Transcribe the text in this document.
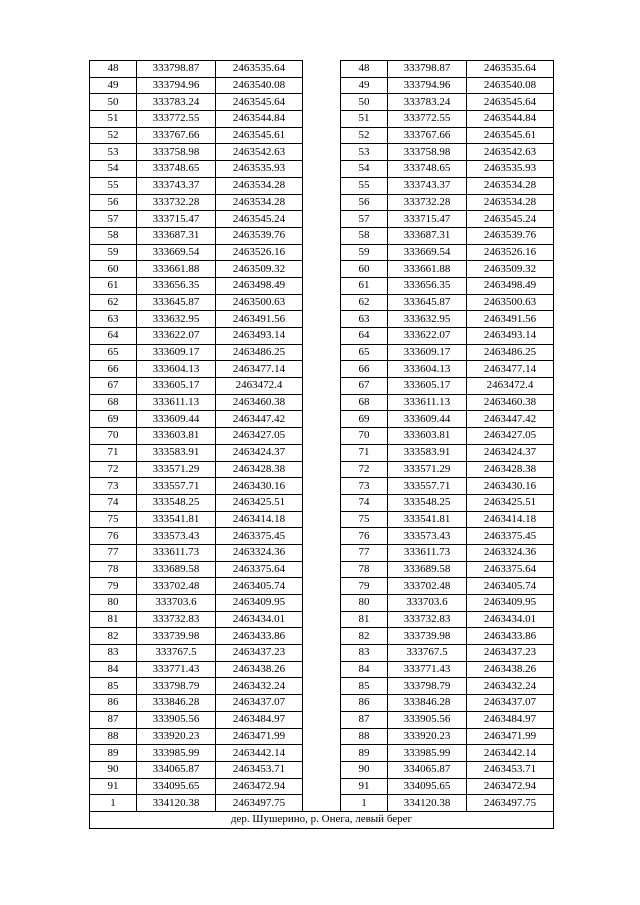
48	333798.87	2463535.64		48	333798.87	2463535.64
49	333794.96	2463540.08		49	333794.96	2463540.08
50	333783.24	2463545.64		50	333783.24	2463545.64
51	333772.55	2463544.84		51	333772.55	2463544.84
52	333767.66	2463545.61		52	333767.66	2463545.61
53	333758.98	2463542.63		53	333758.98	2463542.63
54	333748.65	2463535.93		54	333748.65	2463535.93
55	333743.37	2463534.28		55	333743.37	2463534.28
56	333732.28	2463534.28		56	333732.28	2463534.28
57	333715.47	2463545.24		57	333715.47	2463545.24
58	333687.31	2463539.76		58	333687.31	2463539.76
59	333669.54	2463526.16		59	333669.54	2463526.16
60	333661.88	2463509.32		60	333661.88	2463509.32
61	333656.35	2463498.49		61	333656.35	2463498.49
62	333645.87	2463500.63		62	333645.87	2463500.63
63	333632.95	2463491.56		63	333632.95	2463491.56
64	333622.07	2463493.14		64	333622.07	2463493.14
65	333609.17	2463486.25		65	333609.17	2463486.25
66	333604.13	2463477.14		66	333604.13	2463477.14
67	333605.17	2463472.4		67	333605.17	2463472.4
68	333611.13	2463460.38		68	333611.13	2463460.38
69	333609.44	2463447.42		69	333609.44	2463447.42
70	333603.81	2463427.05		70	333603.81	2463427.05
71	333583.91	2463424.37		71	333583.91	2463424.37
72	333571.29	2463428.38		72	333571.29	2463428.38
73	333557.71	2463430.16		73	333557.71	2463430.16
74	333548.25	2463425.51		74	333548.25	2463425.51
75	333541.81	2463414.18		75	333541.81	2463414.18
76	333573.43	2463375.45		76	333573.43	2463375.45
77	333611.73	2463324.36		77	333611.73	2463324.36
78	333689.58	2463375.64		78	333689.58	2463375.64
79	333702.48	2463405.74		79	333702.48	2463405.74
80	333703.6	2463409.95		80	333703.6	2463409.95
81	333732.83	2463434.01		81	333732.83	2463434.01
82	333739.98	2463433.86		82	333739.98	2463433.86
83	333767.5	2463437.23		83	333767.5	2463437.23
84	333771.43	2463438.26		84	333771.43	2463438.26
85	333798.79	2463432.24		85	333798.79	2463432.24
86	333846.28	2463437.07		86	333846.28	2463437.07
87	333905.56	2463484.97		87	333905.56	2463484.97
88	333920.23	2463471.99		88	333920.23	2463471.99
89	333985.99	2463442.14		89	333985.99	2463442.14
90	334065.87	2463453.71		90	334065.87	2463453.71
91	334095.65	2463472.94		91	334095.65	2463472.94
1	334120.38	2463497.75		1	334120.38	2463497.75
дер. Шушерино, р. Онега, левый берег						
